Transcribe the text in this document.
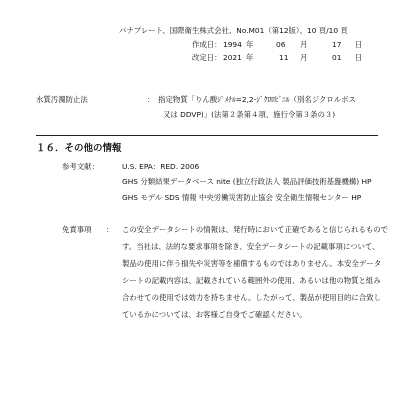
パナプレート、国際衛生株式会社、No.M01（第12版）、10 頁/10 頁
作成日： 1994 年	06 月	17 日
改定日： 2021 年	11 月	01 日
水質汚濁防止法	：　指定物質「りん酸ｼﾞﾒﾁﾙ=2,2-ｼﾞｸﾛﾛﾋﾞﾆﾙ（別名ジクロルボス
又は DDVP)」(法第２条第４項、施行令第３条の３)
１６．その他の情報
参考文献：	U.S. EPA：RED. 2006
GHS 分類結果データベース nite (独立行政法人 製品評価技術基盤機構) HP
GHS モデル SDS 情報 中央労働災害防止協会 安全衛生情報センター HP
免責事項 ： この安全データシートの情報は、発行時において正確であると信じられるもので
す。当社は、法的な要求事項を除き、安全データシートの記載事項について、
製品の使用に伴う損失や災害等を補償するものではありません。本安全データ
シートの記載内容は、記載されている範囲外の使用、あるいは他の物質と組み
合わせての使用では効力を持ちません。したがって、製品が使用目的に合致し
ているかについては、お客様ご自身でご確認ください。
